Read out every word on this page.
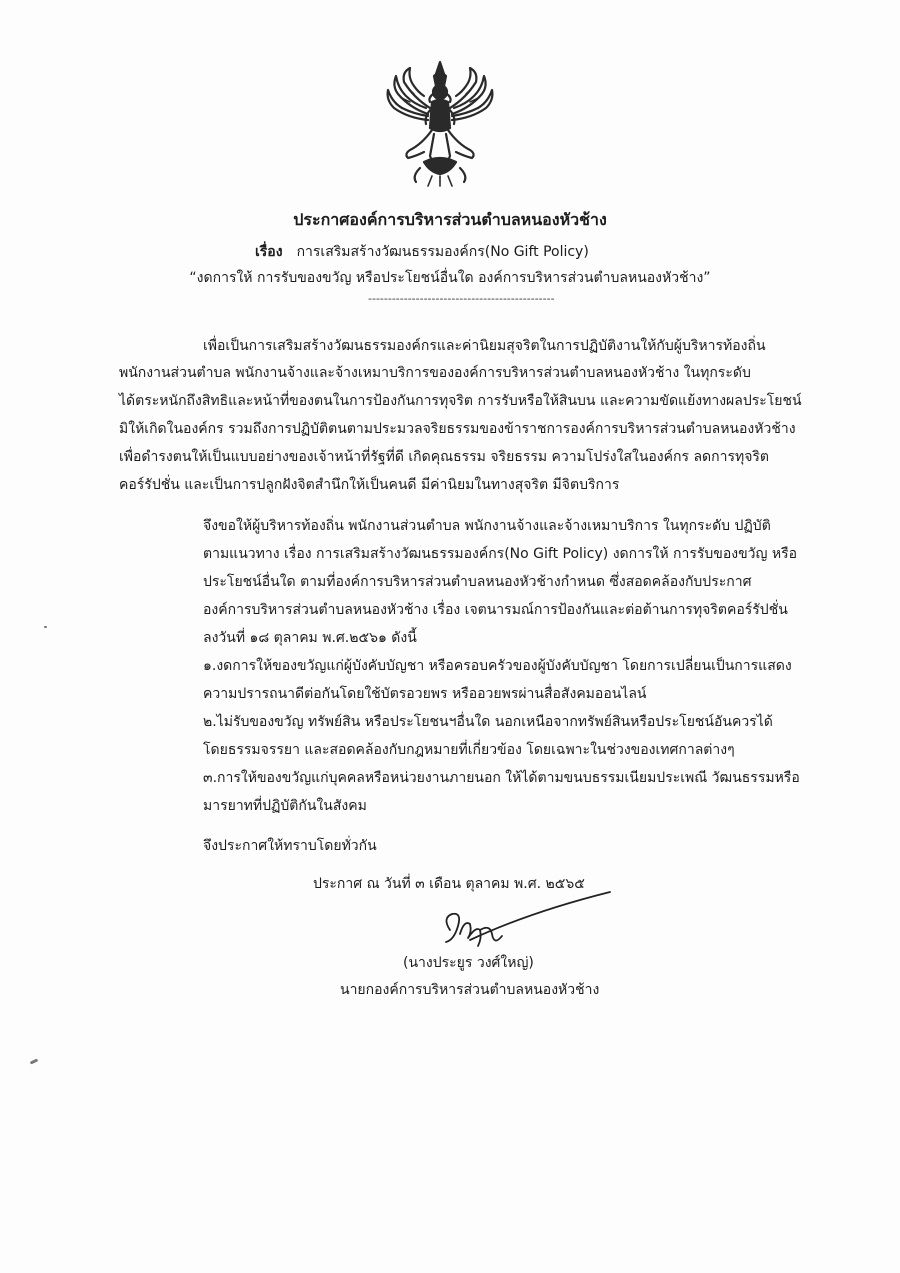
ประกาศองค์การบริหารส่วนตำบลหนองหัวช้าง
เรื่อง การเสริมสร้างวัฒนธรรมองค์กร(No Gift Policy)
“งดการให้ การรับของขวัญ หรือประโยชน์อื่นใด องค์การบริหารส่วนตำบลหนองหัวช้าง”
-----------------------------------------------
เพื่อเป็นการเสริมสร้างวัฒนธรรมองค์กรและค่านิยมสุจริตในการปฏิบัติงานให้กับผู้บริหารท้องถิ่น
พนักงานส่วนตำบล พนักงานจ้างและจ้างเหมาบริการขององค์การบริหารส่วนตำบลหนองหัวช้าง ในทุกระดับ
ได้ตระหนักถึงสิทธิและหน้าที่ของตนในการป้องกันการทุจริต การรับหรือให้สินบน และความขัดแย้งทางผลประโยชน์
มิให้เกิดในองค์กร รวมถึงการปฏิบัติตนตามประมวลจริยธรรมของข้าราชการองค์การบริหารส่วนตำบลหนองหัวช้าง
เพื่อดำรงตนให้เป็นแบบอย่างของเจ้าหน้าที่รัฐที่ดี เกิดคุณธรรม จริยธรรม ความโปร่งใสในองค์กร ลดการทุจริต
คอร์รัปชั่น และเป็นการปลูกฝังจิตสำนึกให้เป็นคนดี มีค่านิยมในทางสุจริต มีจิตบริการ
จึงขอให้ผู้บริหารท้องถิ่น พนักงานส่วนตำบล พนักงานจ้างและจ้างเหมาบริการ ในทุกระดับ ปฏิบัติ
ตามแนวทาง เรื่อง การเสริมสร้างวัฒนธรรมองค์กร(No Gift Policy) งดการให้ การรับของขวัญ หรือ
ประโยชน์อื่นใด ตามที่องค์การบริหารส่วนตำบลหนองหัวช้างกำหนด ซึ่งสอดคล้องกับประกาศ
องค์การบริหารส่วนตำบลหนองหัวช้าง เรื่อง เจตนารมณ์การป้องกันและต่อต้านการทุจริตคอร์รัปชั่น
ลงวันที่ ๑๘ ตุลาคม พ.ศ.๒๕๖๑ ดังนี้
๑.งดการให้ของขวัญแก่ผู้บังคับบัญชา หรือครอบครัวของผู้บังคับบัญชา โดยการเปลี่ยนเป็นการแสดง
ความปรารถนาดีต่อกันโดยใช้บัตรอวยพร หรืออวยพรผ่านสื่อสังคมออนไลน์
๒.ไม่รับของขวัญ ทรัพย์สิน หรือประโยชนฯอื่นใด นอกเหนือจากทรัพย์สินหรือประโยชน์อันควรได้
โดยธรรมจรรยา และสอดคล้องกับกฎหมายที่เกี่ยวข้อง โดยเฉพาะในช่วงของเทศกาลต่างๆ
๓.การให้ของขวัญแก่บุคคลหรือหน่วยงานภายนอก ให้ได้ตามขนบธรรมเนียมประเพณี วัฒนธรรมหรือ
มารยาทที่ปฏิบัติกันในสังคม
จึงประกาศให้ทราบโดยทั่วกัน
ประกาศ ณ วันที่ ๓ เดือน ตุลาคม พ.ศ. ๒๕๖๕
(นางประยูร วงศ์ใหญ่)
นายกองค์การบริหารส่วนตำบลหนองหัวช้าง
